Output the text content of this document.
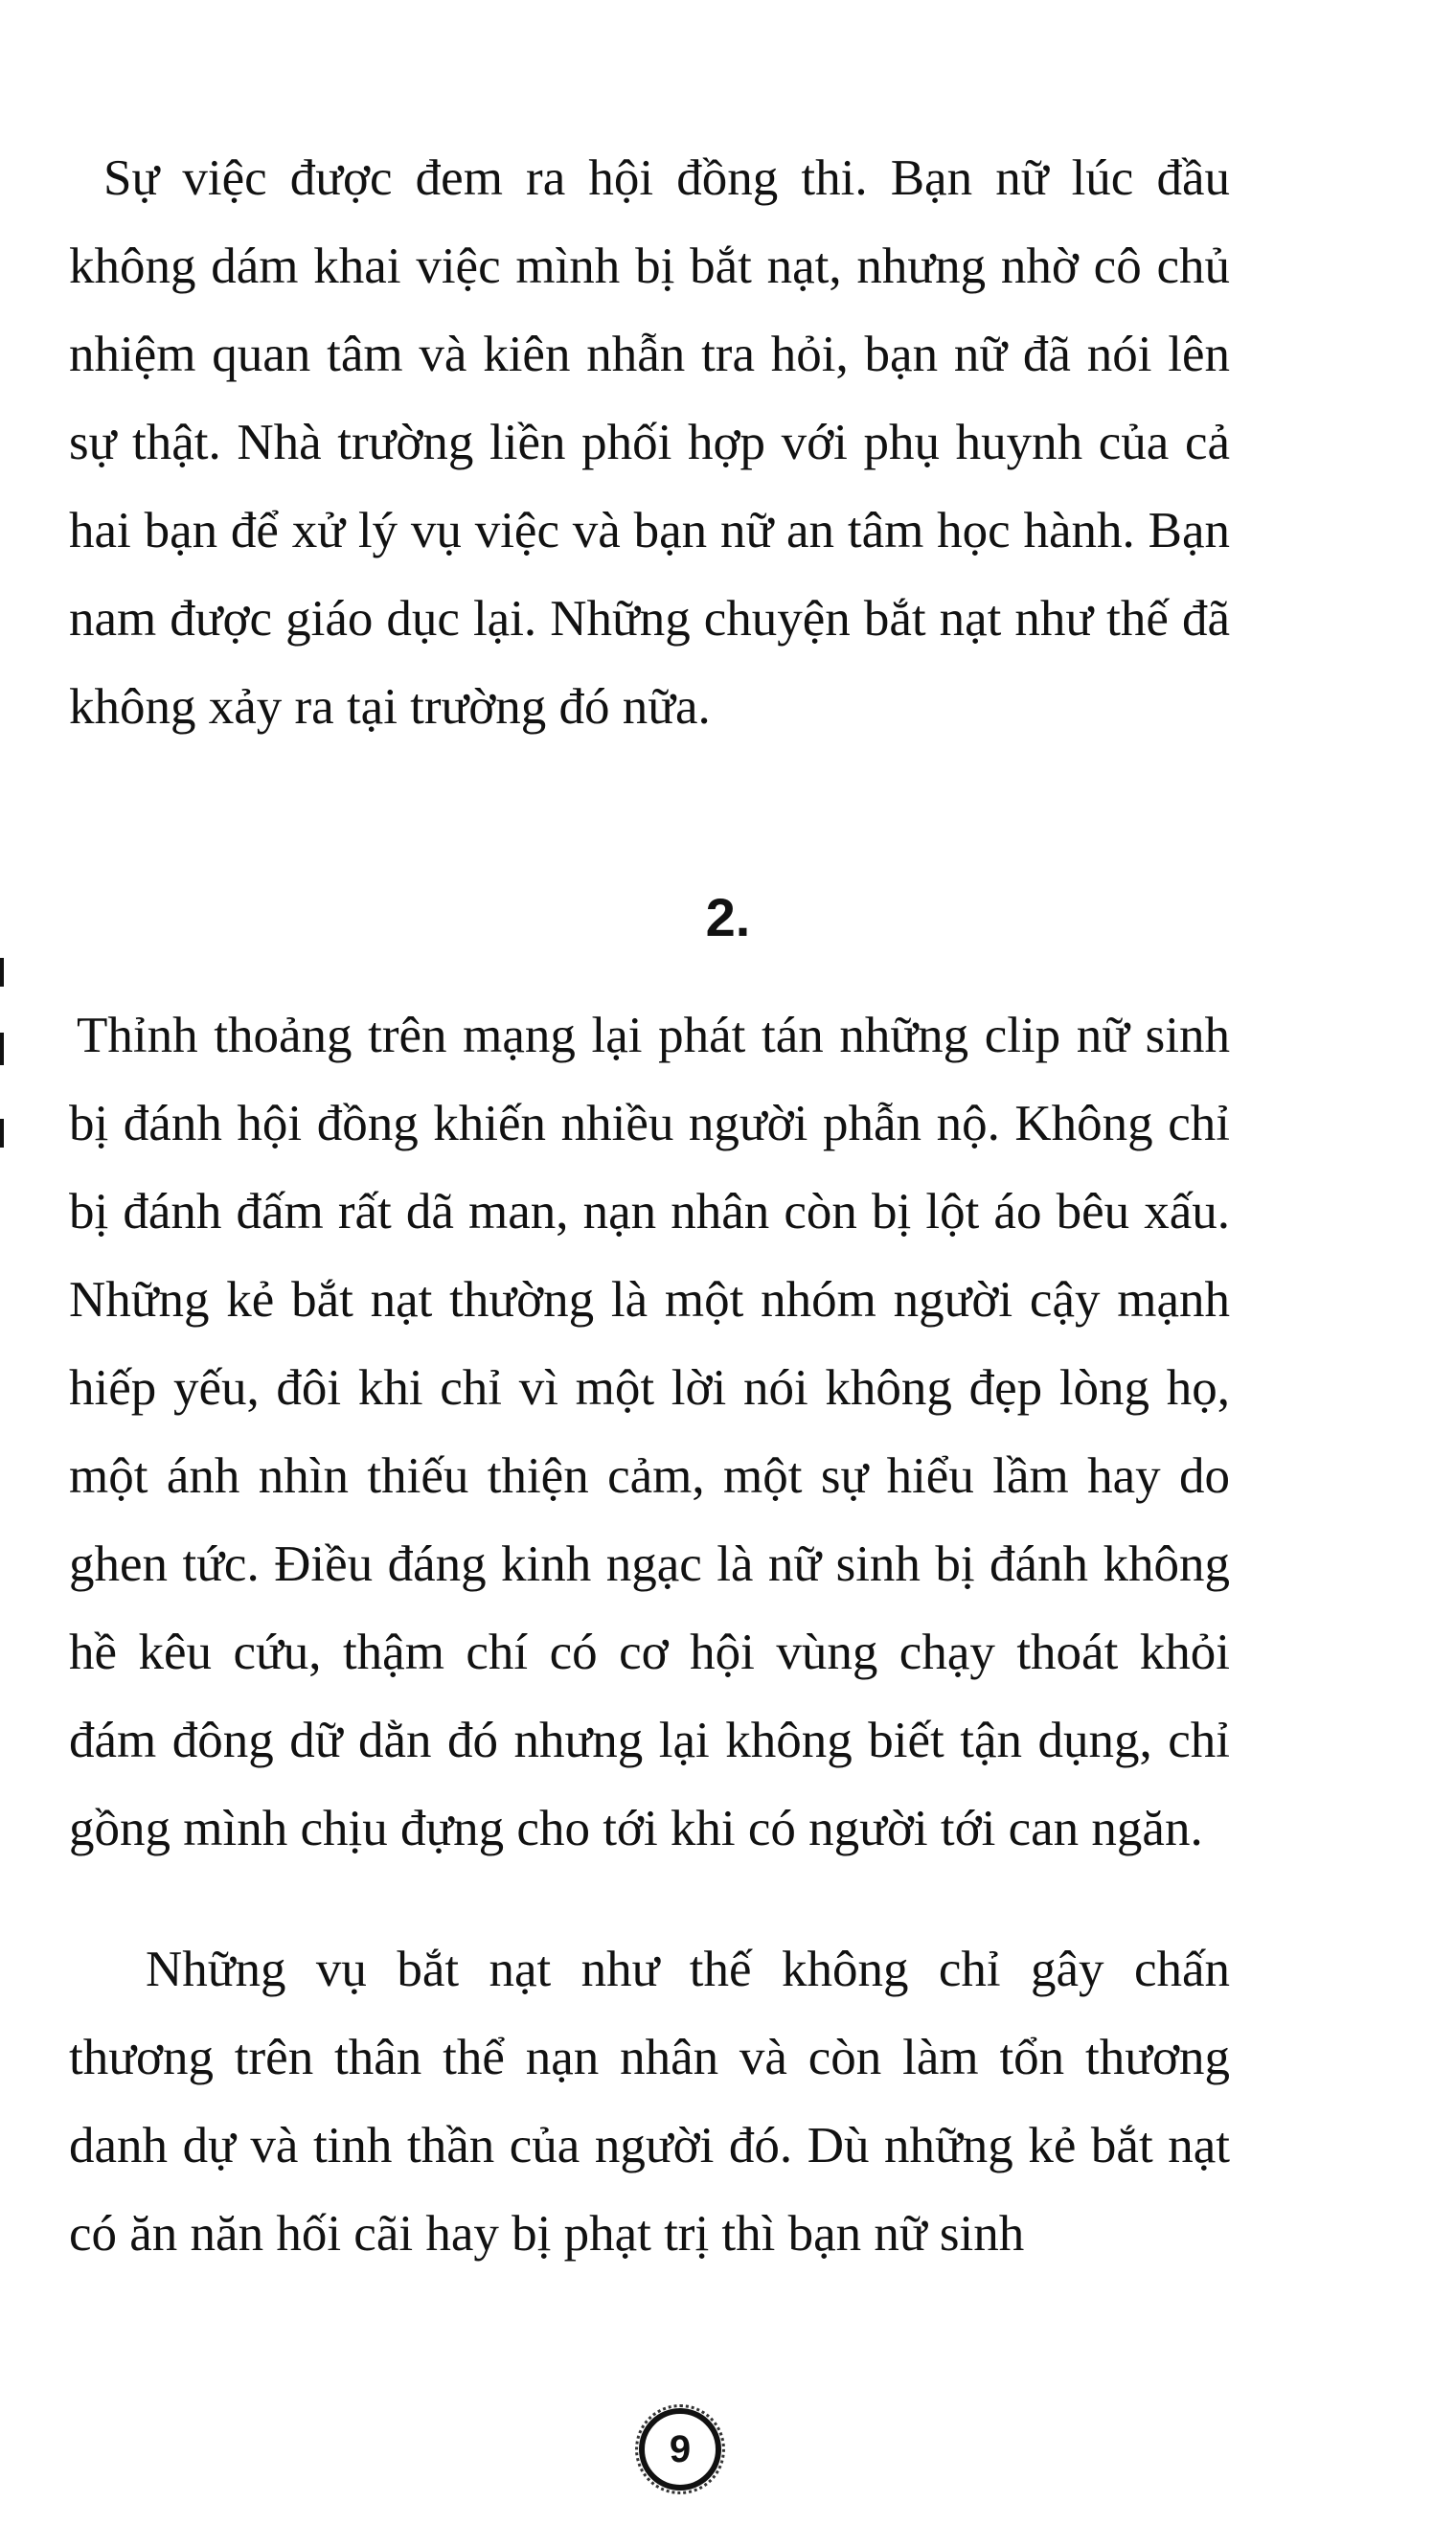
Sự việc được đem ra hội đồng thi. Bạn nữ lúc đầu không dám khai việc mình bị bắt nạt, nhưng nhờ cô chủ nhiệm quan tâm và kiên nhẫn tra hỏi, bạn nữ đã nói lên sự thật. Nhà trường liền phối hợp với phụ huynh của cả hai bạn để xử lý vụ việc và bạn nữ an tâm học hành. Bạn nam được giáo dục lại. Những chuyện bắt nạt như thế đã không xảy ra tại trường đó nữa.

2.

Thỉnh thoảng trên mạng lại phát tán những clip nữ sinh bị đánh hội đồng khiến nhiều người phẫn nộ. Không chỉ bị đánh đấm rất dã man, nạn nhân còn bị lột áo bêu xấu. Những kẻ bắt nạt thường là một nhóm người cậy mạnh hiếp yếu, đôi khi chỉ vì một lời nói không đẹp lòng họ, một ánh nhìn thiếu thiện cảm, một sự hiểu lầm hay do ghen tức. Điều đáng kinh ngạc là nữ sinh bị đánh không hề kêu cứu, thậm chí có cơ hội vùng chạy thoát khỏi đám đông dữ dằn đó nhưng lại không biết tận dụng, chỉ gồng mình chịu đựng cho tới khi có người tới can ngăn.

Những vụ bắt nạt như thế không chỉ gây chấn thương trên thân thể nạn nhân và còn làm tổn thương danh dự và tinh thần của người đó. Dù những kẻ bắt nạt có ăn năn hối cãi hay bị phạt trị thì bạn nữ sinh

9
